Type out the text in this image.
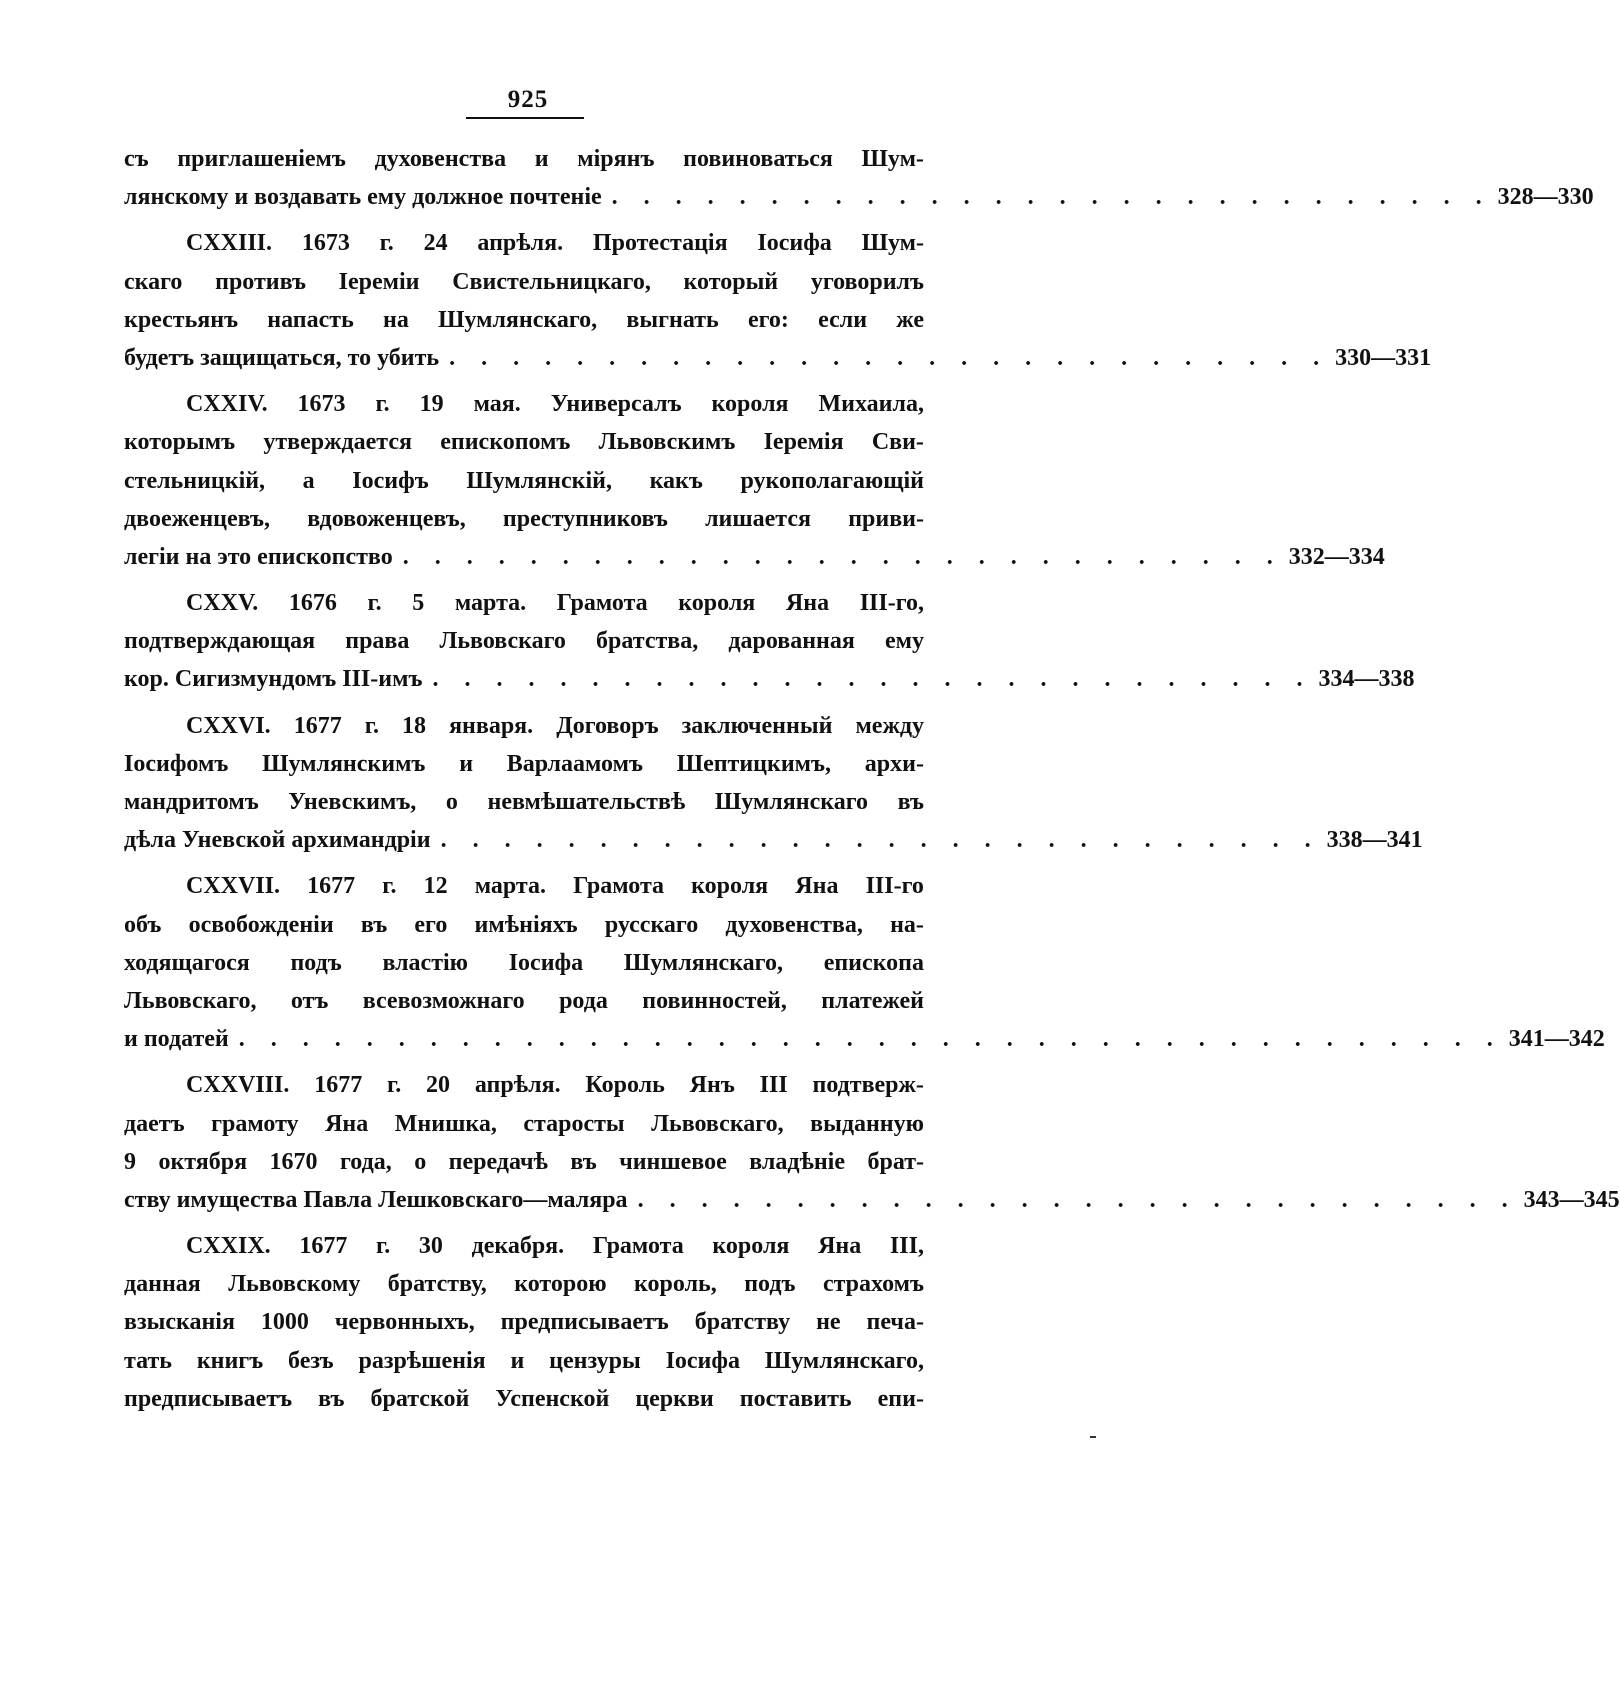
925
съ приглашеніемъ духовенства и мірянъ повиноваться Шум-
лянскому и воздавать ему должное почтеніе . . . . . . . . . . . . . . . . . . . . . . . . . . . . 328—330
CXXIII. 1673 г. 24 апрѣля. Протестація Іосифа Шум-
скаго противъ Іереміи Свистельницкаго, который уговорилъ
крестьянъ напасть на Шумлянскаго, выгнать его: если же
будетъ защищаться, то убить . . . . . . . . . . . . . . . . . . . . . . . . . . . . 330—331
CXXIV. 1673 г. 19 мая. Универсалъ короля Михаила,
которымъ утверждается епископомъ Львовскимъ Іеремія Сви-
стельницкій, а Іосифъ Шумлянскій, какъ рукополагающій
двоеженцевъ, вдовоженцевъ, преступниковъ лишается приви-
легіи на это епископство . . . . . . . . . . . . . . . . . . . . . . . . . . . . 332—334
CXXV. 1676 г. 5 марта. Грамота короля Яна III-го,
подтверждающая права Львовскаго братства, дарованная ему
кор. Сигизмундомъ III-имъ . . . . . . . . . . . . . . . . . . . . . . . . . . . . 334—338
CXXVI. 1677 г. 18 января. Договоръ заключенный между
Іосифомъ Шумлянскимъ и Варлаамомъ Шептицкимъ, архи-
мандритомъ Уневскимъ, о невмѣшательствѣ Шумлянскаго въ
дѣла Уневской архимандріи . . . . . . . . . . . . . . . . . . . . . . . . . . . . 338—341
CXXVII. 1677 г. 12 марта. Грамота короля Яна III-го
объ освобожденіи въ его имѣніяхъ русскаго духовенства, на-
ходящагося подъ властію Іосифа Шумлянскаго, епископа
Львовскаго, отъ всевозможнаго рода повинностей, платежей
и податей . . . . . . . . . . . . . . . . . . . . . . . . . . . . . . . . . . . . . . . . 341—342
CXXVIII. 1677 г. 20 апрѣля. Король Янъ III подтверж-
даетъ грамоту Яна Мнишка, старосты Львовскаго, выданную
9 октября 1670 года, о передачѣ въ чиншевое владѣніе брат-
ству имущества Павла Лешковскаго—маляра . . . . . . . . . . . . . . . . . . . . . . . . . . . . 343—345
CXXIX. 1677 г. 30 декабря. Грамота короля Яна III,
данная Львовскому братству, которою король, подъ страхомъ
взысканія 1000 червонныхъ, предписываетъ братству не печа-
тать книгъ безъ разрѣшенія и цензуры Іосифа Шумлянскаго,
предписываетъ въ братской Успенской церкви поставить епи-
